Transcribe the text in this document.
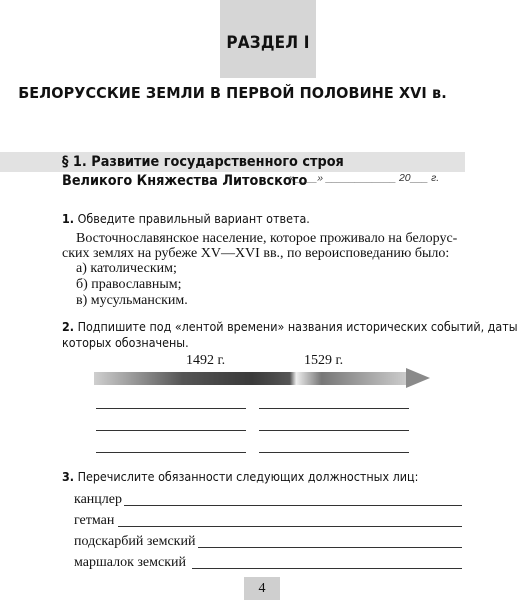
РАЗДЕЛ I
БЕЛОРУССКИЕ ЗЕМЛИ В ПЕРВОЙ ПОЛОВИНЕ XVI в.
§ 1. Развитие государственного строя
Великого Княжества Литовского
«____» ____________ 20___ г.
1. Обведите правильный вариант ответа.
Восточнославянское население, которое проживало на белорус-
ских землях на рубеже XV—XVI вв., по вероисповеданию было:
а) католическим;
б) православным;
в) мусульманским.
2. Подпишите под «лентой времени» названия исторических событий, даты
которых обозначены.
1492 г.	1529 г.
3. Перечислите обязанности следующих должностных лиц:
канцлер
гетман
подскарбий земский
маршалок земский
4
